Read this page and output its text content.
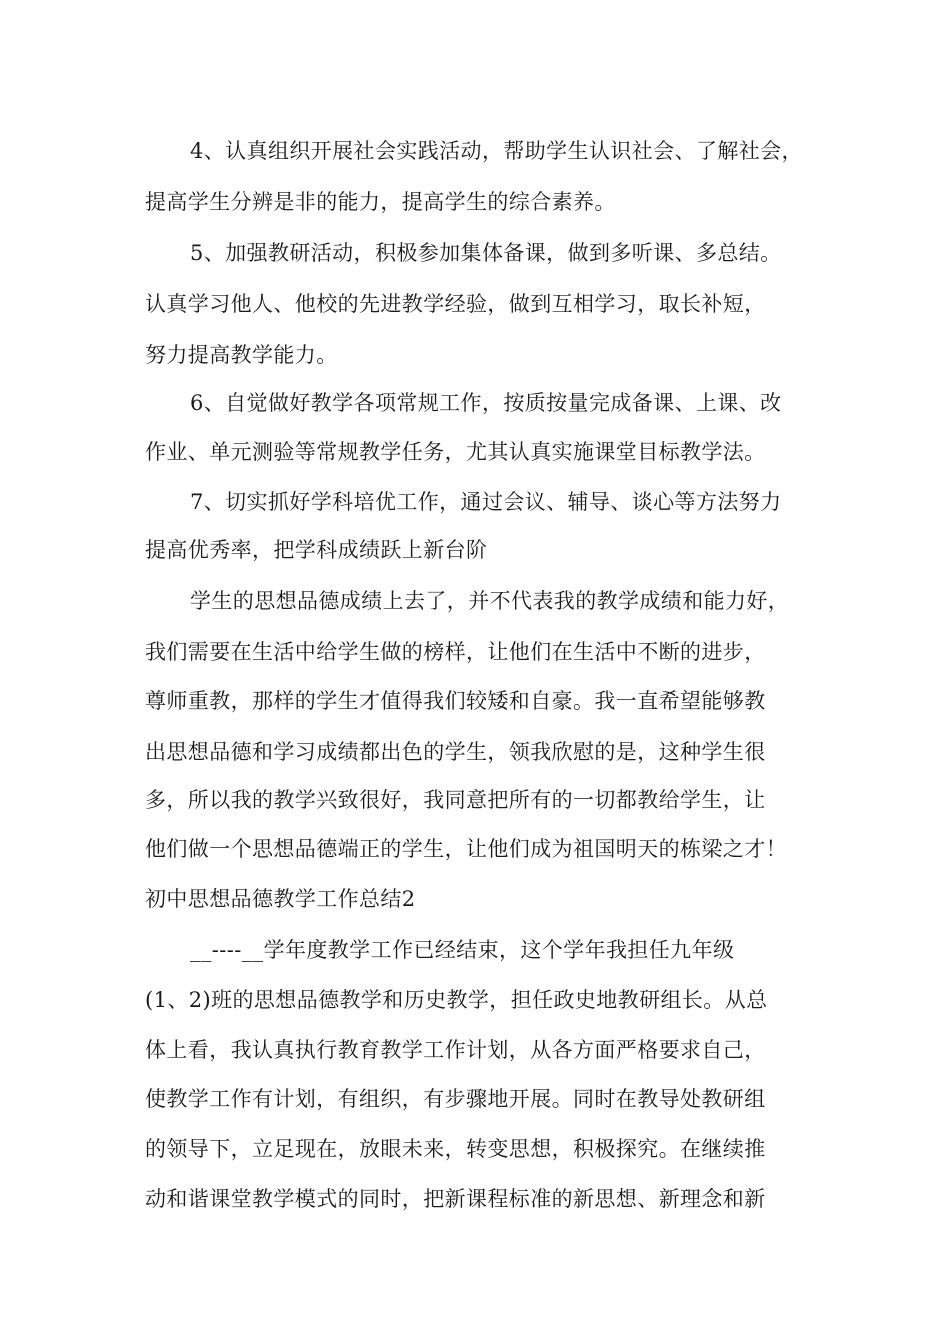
4、认真组织开展社会实践活动，帮助学生认识社会、了解社会，
提高学生分辨是非的能力，提高学生的综合素养。
5、加强教研活动，积极参加集体备课，做到多听课、多总结。
认真学习他人、他校的先进教学经验，做到互相学习，取长补短，
努力提高教学能力。
6、自觉做好教学各项常规工作，按质按量完成备课、上课、改
作业、单元测验等常规教学任务，尤其认真实施课堂目标教学法。
7、切实抓好学科培优工作，通过会议、辅导、谈心等方法努力
提高优秀率，把学科成绩跃上新台阶
学生的思想品德成绩上去了，并不代表我的教学成绩和能力好，
我们需要在生活中给学生做的榜样，让他们在生活中不断的进步，
尊师重教，那样的学生才值得我们较矮和自豪。我一直希望能够教
出思想品德和学习成绩都出色的学生，领我欣慰的是，这种学生很
多，所以我的教学兴致很好，我同意把所有的一切都教给学生，让
他们做一个思想品德端正的学生，让他们成为祖国明天的栋梁之才！
初中思想品德教学工作总结2
__----__学年度教学工作已经结束，这个学年我担任九年级
(1、2)班的思想品德教学和历史教学，担任政史地教研组长。从总
体上看，我认真执行教育教学工作计划，从各方面严格要求自己，
使教学工作有计划，有组织，有步骤地开展。同时在教导处教研组
的领导下，立足现在，放眼未来，转变思想，积极探究。在继续推
动和谐课堂教学模式的同时，把新课程标准的新思想、新理念和新
